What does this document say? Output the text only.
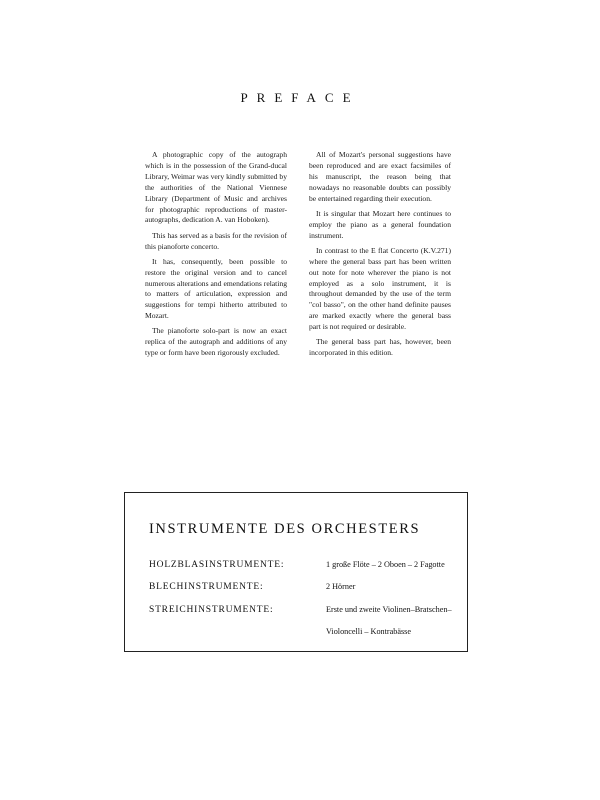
PREFACE

A photographic copy of the autograph which is in the possession of the Grand-ducal Library, Weimar was very kindly submitted by the authorities of the National Viennese Library (Department of Music and archives for photographic reproductions of master-autographs, dedication A. van Hoboken).

This has served as a basis for the revision of this pianoforte concerto.

It has, consequently, been possible to restore the original version and to cancel numerous alterations and emendations relating to matters of articulation, expression and suggestions for tempi hitherto attributed to Mozart.

The pianoforte solo-part is now an exact replica of the autograph and additions of any type or form have been rigorously excluded.

All of Mozart's personal suggestions have been reproduced and are exact facsimiles of his manuscript, the reason being that nowadays no reasonable doubts can possibly be entertained regarding their execution.

It is singular that Mozart here continues to employ the piano as a general foundation instrument.

In contrast to the E flat Concerto (K.V.271) where the general bass part has been written out note for note wherever the piano is not employed as a solo instrument, it is throughout demanded by the use of the term "col basso", on the other hand definite pauses are marked exactly where the general bass part is not required or desirable.

The general bass part has, however, been incorporated in this edition.

INSTRUMENTE DES ORCHESTERS
HOLZBLASINSTRUMENTE:	1 große Flöte – 2 Oboen – 2 Fagotte
BLECHINSTRUMENTE:	2 Hörner
STREICHINSTRUMENTE:	Erste und zweite Violinen–Bratschen–
Violoncelli – Kontrabässe
